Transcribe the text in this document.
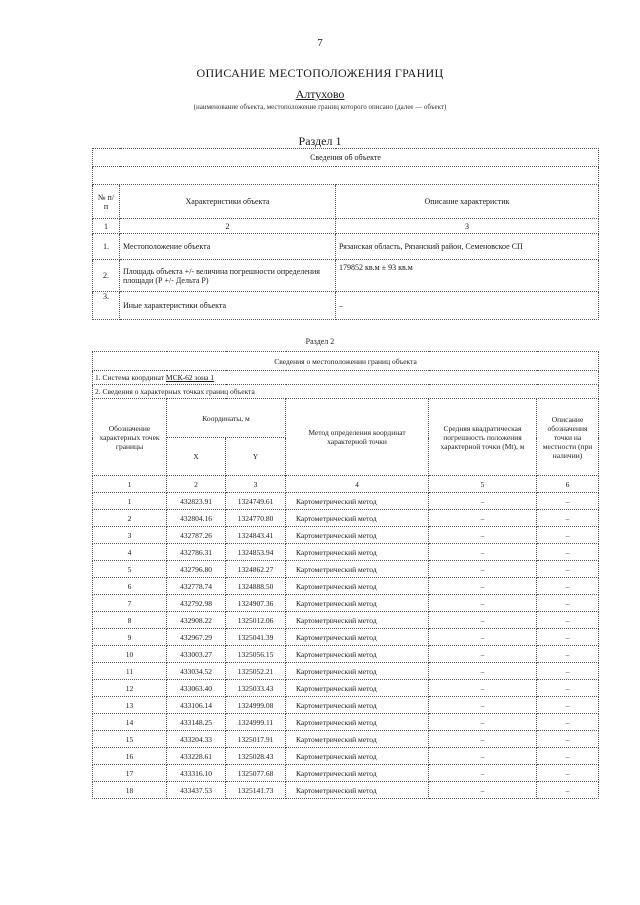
7
ОПИСАНИЕ МЕСТОПОЛОЖЕНИЯ ГРАНИЦ
Алтухово
(наименование объекта, местоположение границ которого описано (далее — объект)
Раздел 1
Сведения об объекте		

№ п/п	Характеристики объекта	Описание характеристик
1	2	3
1.	Местоположение объекта	Рязанская область, Рязанский район, Семеновское СП
2.	Площадь объекта +/- величина погрешности определения площади (Р +/- Дельта Р)	179852 кв.м ± 93 кв.м
3.	Иные характеристики объекта	–
Раздел 2
Сведения о местоположении границ объекта					
1. Система координат МСК-62 зона 1					
2. Сведения о характерных точках границ объекта					
Обозначение характерных точек границы	Координаты, м		Метод определения координат характерной точки	Средняя квадратическая погрешность положения характерной точки (Mt), м	Описание обозначения точки на местности (при наличии)
	X	Y			
1	2	3	4	5	6
1	432823.91	1324749.61	Картометрический метод	–	–
2	432804.16	1324770.80	Картометрический метод	–	–
3	432787.26	1324843.41	Картометрический метод	–	–
4	432786.31	1324853.94	Картометрический метод	–	–
5	432796.80	1324862.27	Картометрический метод	–	–
6	432778.74	1324888.50	Картометрический метод	–	–
7	432792.98	1324907.36	Картометрический метод	–	–
8	432908.22	1325012.06	Картометрический метод	–	–
9	432967.29	1325041.39	Картометрический метод	–	–
10	433003.27	1325056.15	Картометрический метод	–	–
11	433034.52	1325052.21	Картометрический метод	–	–
12	433063.40	1325033.43	Картометрический метод	–	–
13	433106.14	1324999.08	Картометрический метод	–	–
14	433148.25	1324999.11	Картометрический метод	–	–
15	433204.33	1325017.91	Картометрический метод	–	–
16	433228.61	1325028.43	Картометрический метод	–	–
17	433316.10	1325077.68	Картометрический метод	–	–
18	433437.53	1325141.73	Картометрический метод	–	–
